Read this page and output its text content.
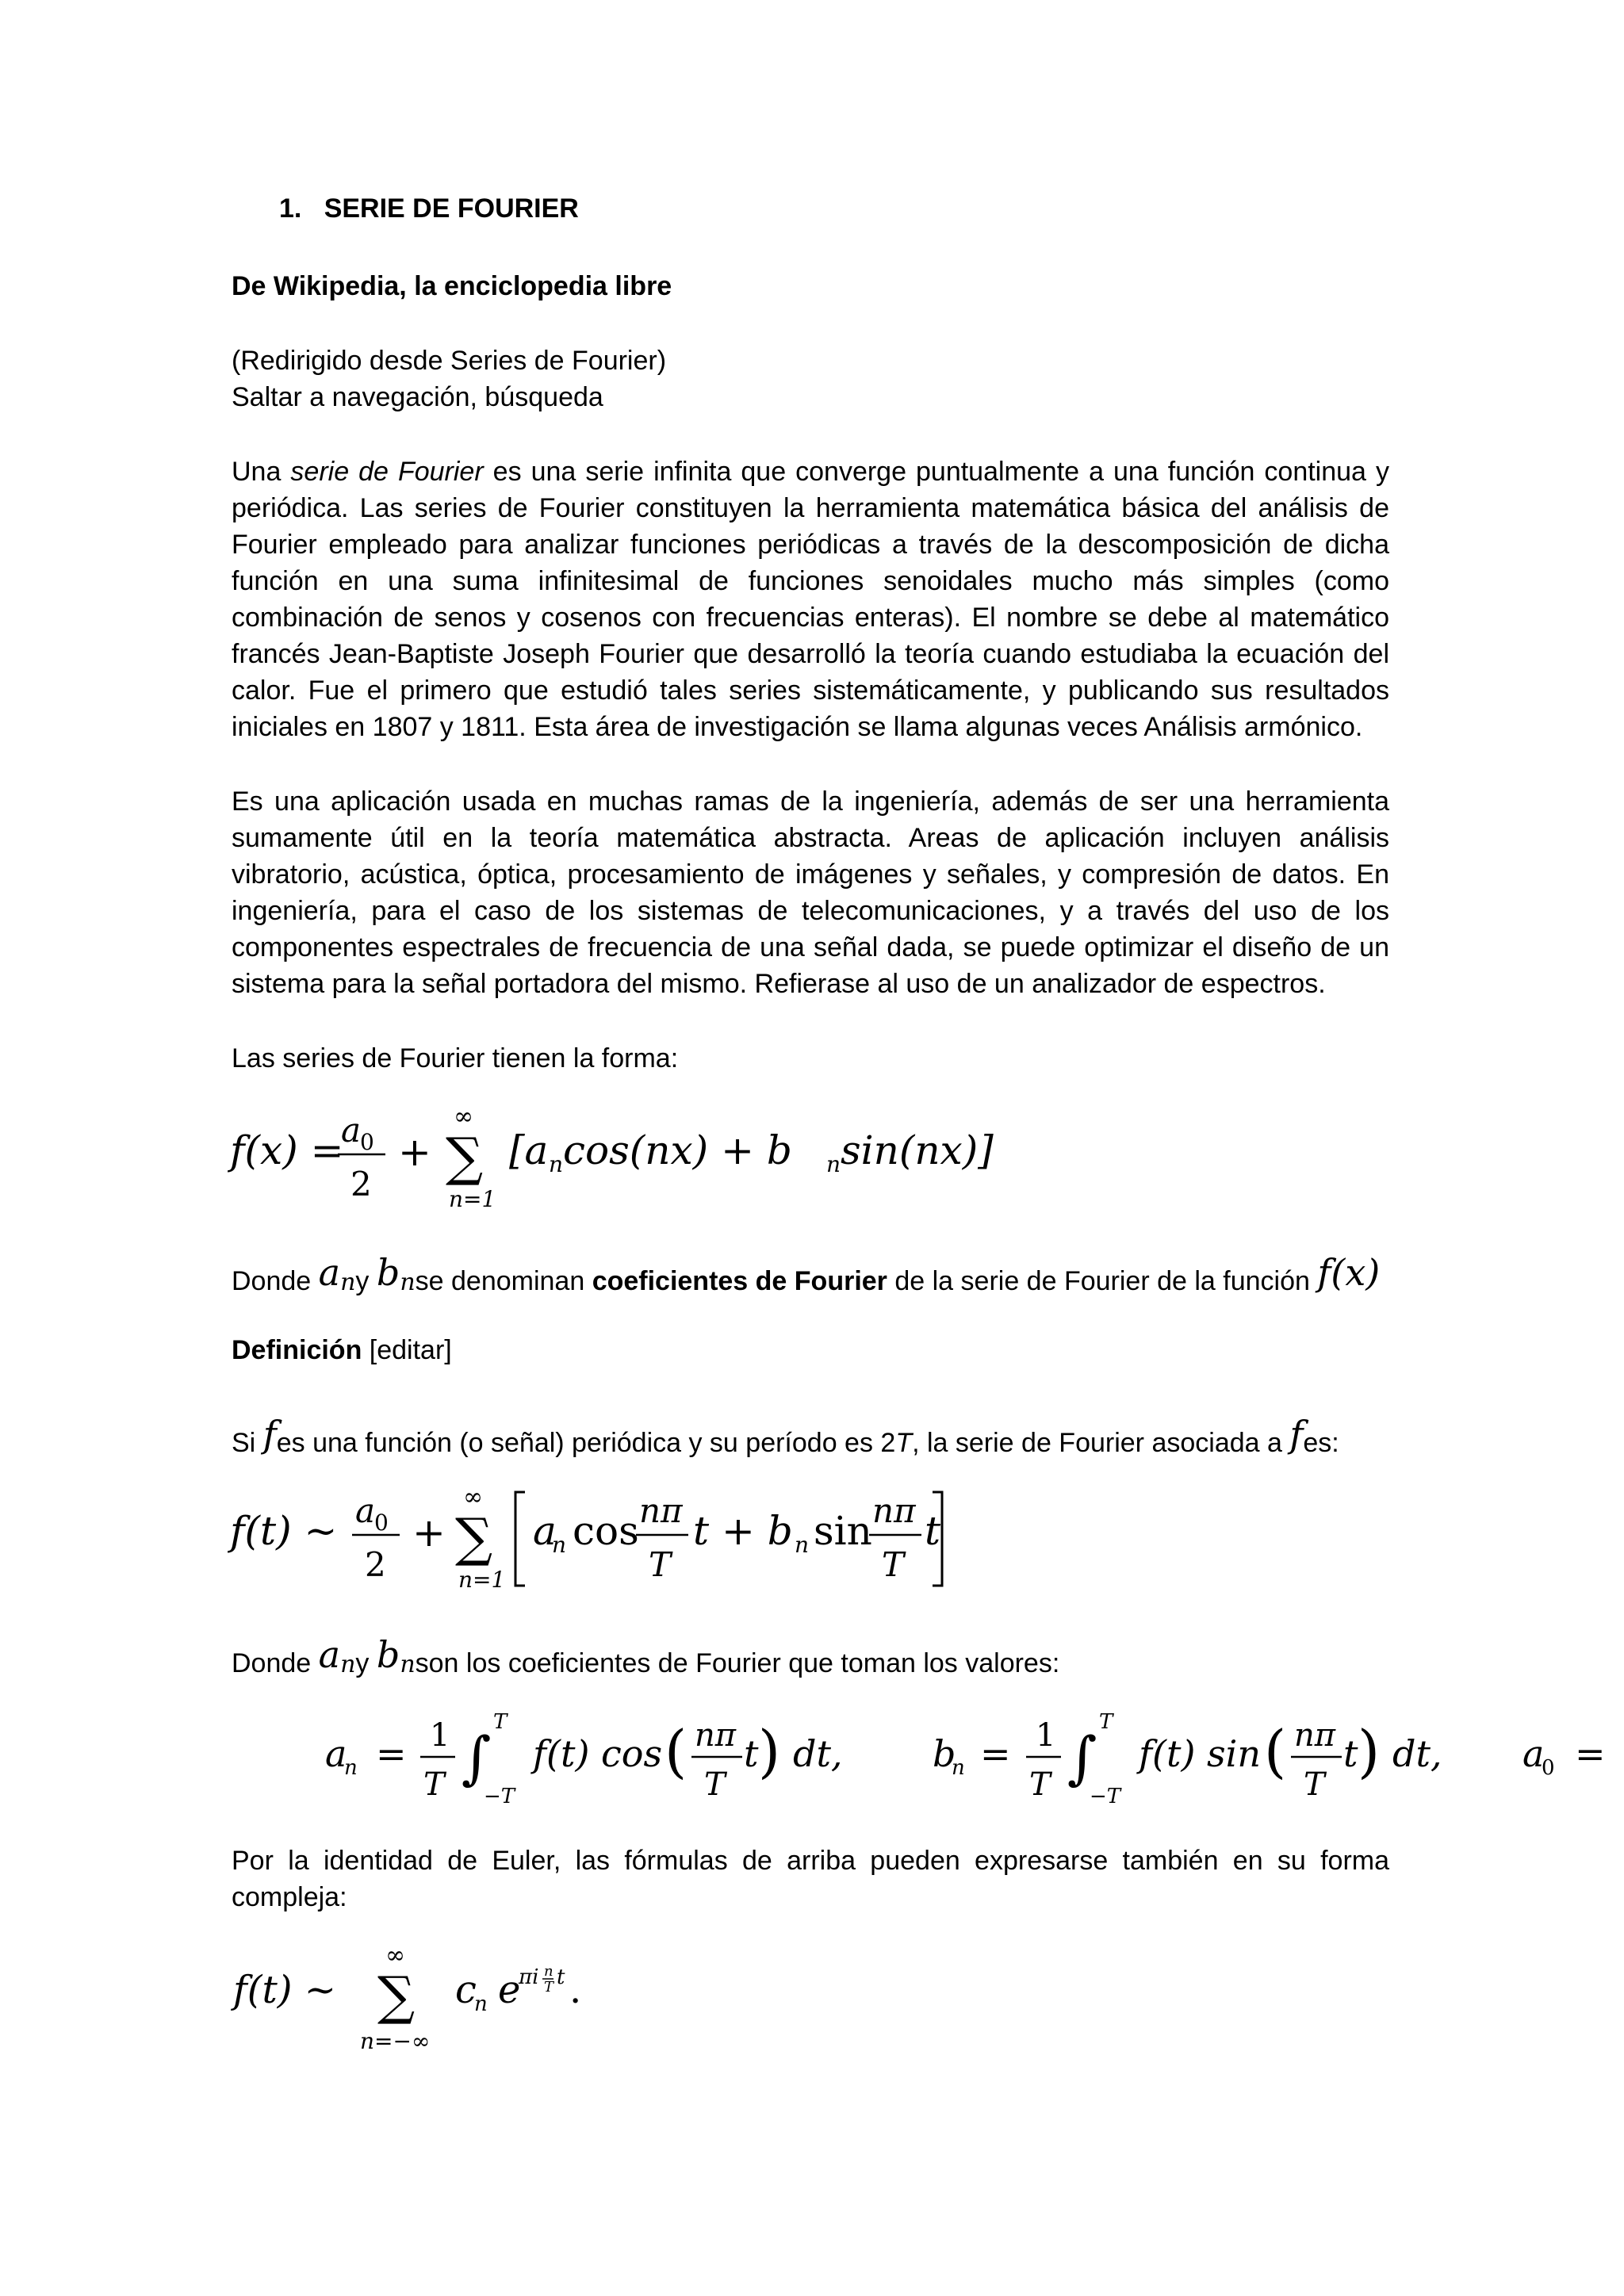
1. SERIE DE FOURIER
De Wikipedia, la enciclopedia libre
(Redirigido desde Series de Fourier)
Saltar a navegación, búsqueda
Una serie de Fourier es una serie infinita que converge puntualmente a una función continua y periódica. Las series de Fourier constituyen la herramienta matemática básica del análisis de Fourier empleado para analizar funciones periódicas a través de la descomposición de dicha función en una suma infinitesimal de funciones senoidales mucho más simples (como combinación de senos y cosenos con frecuencias enteras). El nombre se debe al matemático francés Jean-Baptiste Joseph Fourier que desarrolló la teoría cuando estudiaba la ecuación del calor. Fue el primero que estudió tales series sistemáticamente, y publicando sus resultados iniciales en 1807 y 1811. Esta área de investigación se llama algunas veces Análisis armónico.
Es una aplicación usada en muchas ramas de la ingeniería, además de ser una herramienta sumamente útil en la teoría matemática abstracta. Areas de aplicación incluyen análisis vibratorio, acústica, óptica, procesamiento de imágenes y señales, y compresión de datos. En ingeniería, para el caso de los sistemas de telecomunicaciones, y a través del uso de los componentes espectrales de frecuencia de una señal dada, se puede optimizar el diseño de un sistema para la señal portadora del mismo. Refierase al uso de un analizador de espectros.
Las series de Fourier tienen la forma:
f(x) =
a
0
2
+ ∑
∞
n=1
[a n cos(nx) + b n sin(nx)]
Donde any bnse denominan coeficientes de Fourier de la serie de Fourier de la función f(x)
Definición [editar]
Si fes una función (o señal) periódica y su período es 2T, la serie de Fourier asociada a fes:
f(t) ~ a
0
2
+ ∑
∞
n=1
a
n cos nπ
T
t + b n sin nπ
T
t
Donde any bnson los coeficientes de Fourier que toman los valores:
a
n = 1
T ∫
T
−T
f(t) cos ( nπ
T
t ) dt, b
n = 1
T ∫
T
−T
f(t) sin ( nπ
T
t ) dt, a
0 =
Por la identidad de Euler, las fórmulas de arriba pueden expresarse también en su forma compleja:
f(t) ~ ∑
∞
n=−∞
c
n e
πi n
T t .
